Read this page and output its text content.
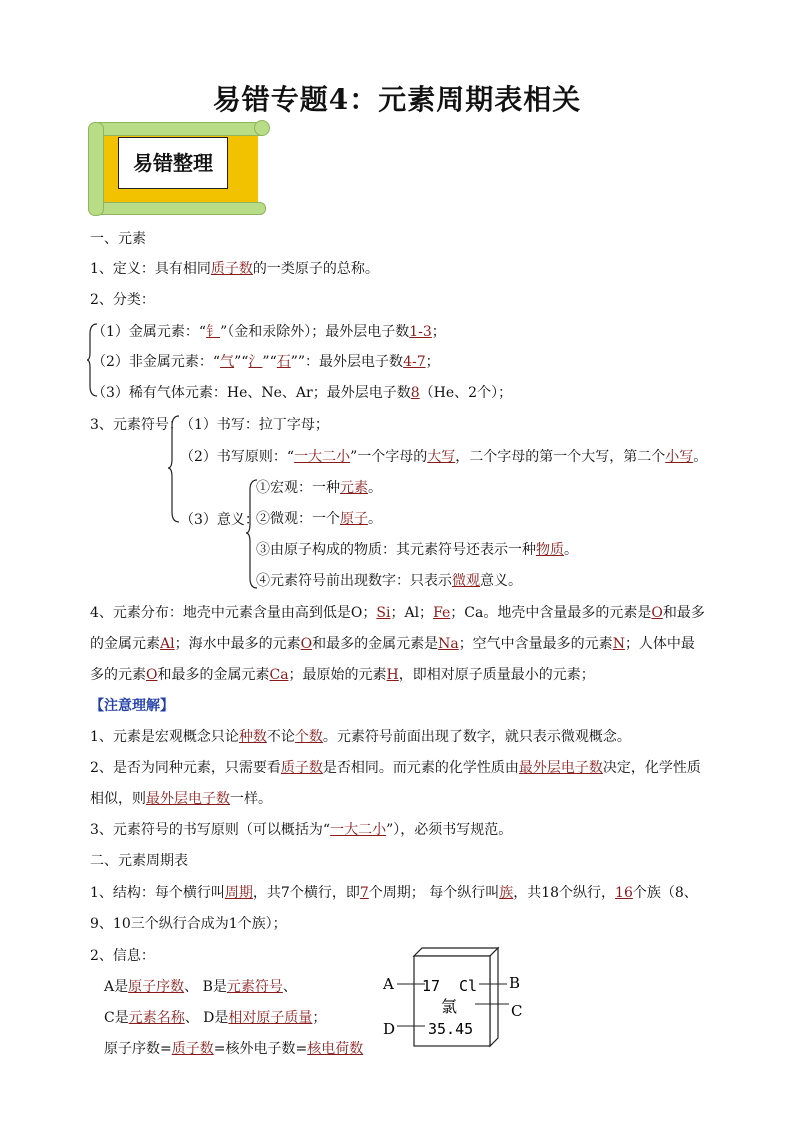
易错专题4：元素周期表相关
易错整理
一、元素
1、定义：具有相同质子数的一类原子的总称。
2、分类：
（1）金属元素：“钅”（金和汞除外）；最外层电子数1-3；
（2）非金属元素：“气”“氵”“石””：最外层电子数4-7；
（3）稀有气体元素：He、Ne、Ar；最外层电子数8（He、2个）；
3、元素符号：
（1）书写：拉丁字母；
（2）书写原则：“一大二小”一个字母的大写，二个字母的第一个大写，第二个小写。
（3）意义：
①宏观：一种元素。
②微观：一个原子。
③由原子构成的物质：其元素符号还表示一种物质。
④元素符号前出现数字：只表示微观意义。
4、元素分布：地壳中元素含量由高到低是O；Si；Al；Fe；Ca。地壳中含量最多的元素是O和最多
的金属元素Al；海水中最多的元素O和最多的金属元素是Na；空气中含量最多的元素N；人体中最
多的元素O和最多的金属元素Ca；最原始的元素H，即相对原子质量最小的元素；
【注意理解】
1、元素是宏观概念只论种数不论个数。元素符号前面出现了数字，就只表示微观概念。
2、是否为同种元素，只需要看质子数是否相同。而元素的化学性质由最外层电子数决定，化学性质
相似，则最外层电子数一样。
3、元素符号的书写原则（可以概括为“一大二小”），必须书写规范。
二、元素周期表
1、结构：每个横行叫周期，共7个横行，即7个周期； 每个纵行叫族，共18个纵行，16个族（8、
9、10三个纵行合成为1个族）；
2、信息：
A是原子序数、 B是元素符号、
C是元素名称、 D是相对原子质量；
原子序数=质子数=核外电子数=核电荷数
A	B
C
D
17 Cl
氯
35.45
